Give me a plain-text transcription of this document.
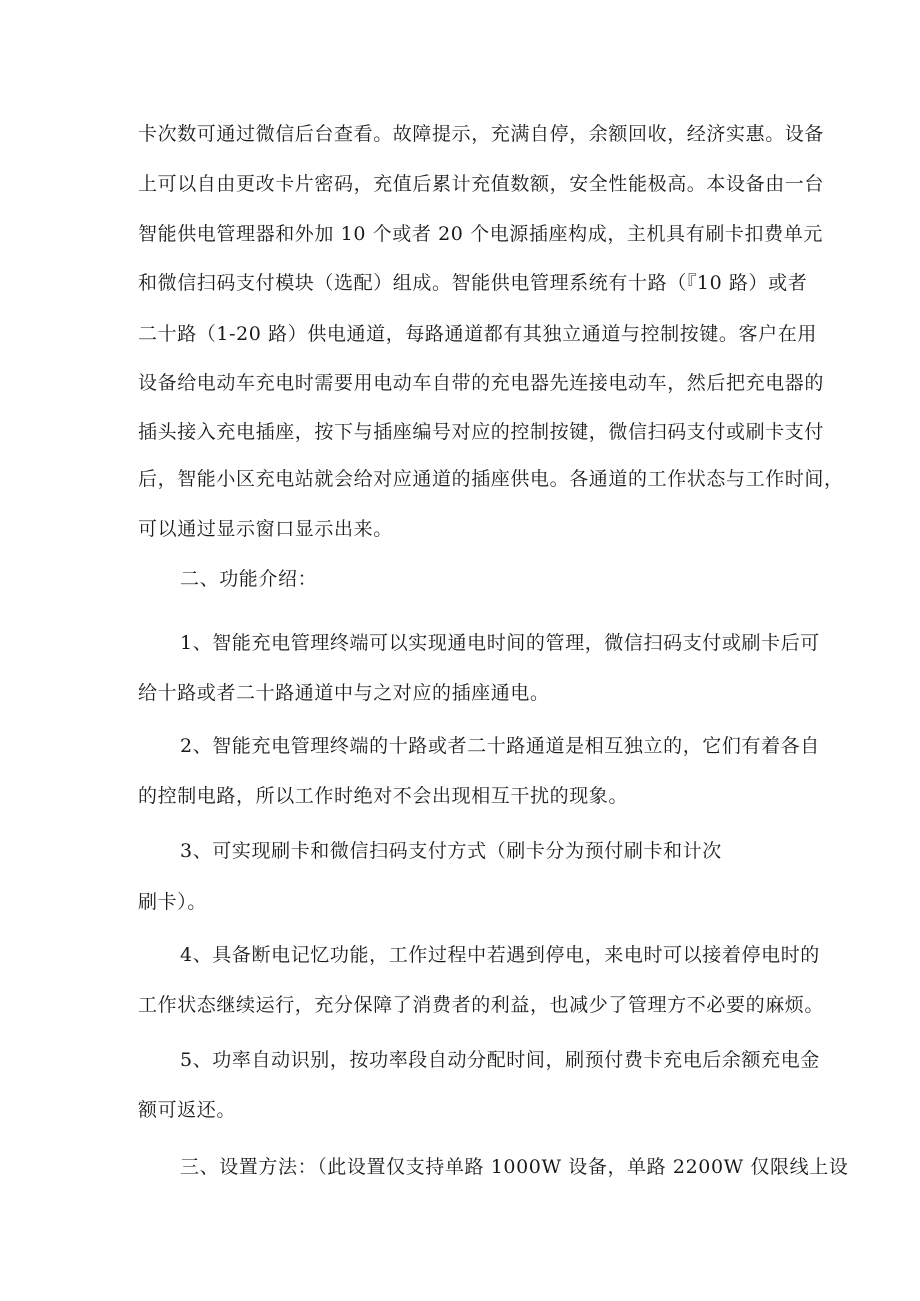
卡次数可通过微信后台查看。故障提示，充满自停，余额回收，经济实惠。设备
上可以自由更改卡片密码，充值后累计充值数额，安全性能极高。本设备由一台
智能供电管理器和外加 10 个或者 20 个电源插座构成，主机具有刷卡扣费单元
和微信扫码支付模块（选配）组成。智能供电管理系统有十路（『10 路）或者
二十路（1-20 路）供电通道，每路通道都有其独立通道与控制按键。客户在用
设备给电动车充电时需要用电动车自带的充电器先连接电动车，然后把充电器的
插头接入充电插座，按下与插座编号对应的控制按键，微信扫码支付或刷卡支付
后，智能小区充电站就会给对应通道的插座供电。各通道的工作状态与工作时间，
可以通过显示窗口显示出来。
二、功能介绍：
1、智能充电管理终端可以实现通电时间的管理，微信扫码支付或刷卡后可
给十路或者二十路通道中与之对应的插座通电。
2、智能充电管理终端的十路或者二十路通道是相互独立的，它们有着各自
的控制电路，所以工作时绝对不会出现相互干扰的现象。
3、可实现刷卡和微信扫码支付方式（刷卡分为预付刷卡和计次
刷卡）。
4、具备断电记忆功能，工作过程中若遇到停电，来电时可以接着停电时的
工作状态继续运行，充分保障了消费者的利益，也减少了管理方不必要的麻烦。
5、功率自动识别，按功率段自动分配时间，刷预付费卡充电后余额充电金
额可返还。
三、设置方法：（此设置仅支持单路 1000W 设备，单路 2200W 仅限线上设
